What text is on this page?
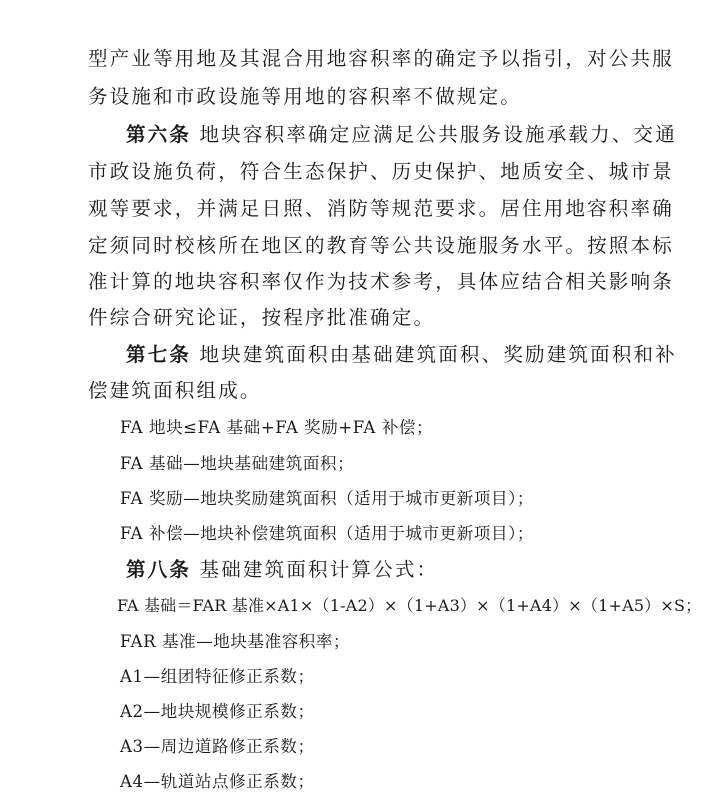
型产业等用地及其混合用地容积率的确定予以指引，对公共服
务设施和市政设施等用地的容积率不做规定。
第六条 地块容积率确定应满足公共服务设施承载力、交通
市政设施负荷，符合生态保护、历史保护、地质安全、城市景
观等要求，并满足日照、消防等规范要求。居住用地容积率确
定须同时校核所在地区的教育等公共设施服务水平。按照本标
准计算的地块容积率仅作为技术参考，具体应结合相关影响条
件综合研究论证，按程序批准确定。
第七条 地块建筑面积由基础建筑面积、奖励建筑面积和补
偿建筑面积组成。
FA 地块≤FA 基础+FA 奖励+FA 补偿；
FA 基础—地块基础建筑面积；
FA 奖励—地块奖励建筑面积（适用于城市更新项目）；
FA 补偿—地块补偿建筑面积（适用于城市更新项目）；
第八条 基础建筑面积计算公式：
FA 基础＝FAR 基准×A1×（1-A2）×（1+A3）×（1+A4）×（1+A5）×S；
FAR 基准—地块基准容积率；
A1—组团特征修正系数；
A2—地块规模修正系数；
A3—周边道路修正系数；
A4—轨道站点修正系数；
